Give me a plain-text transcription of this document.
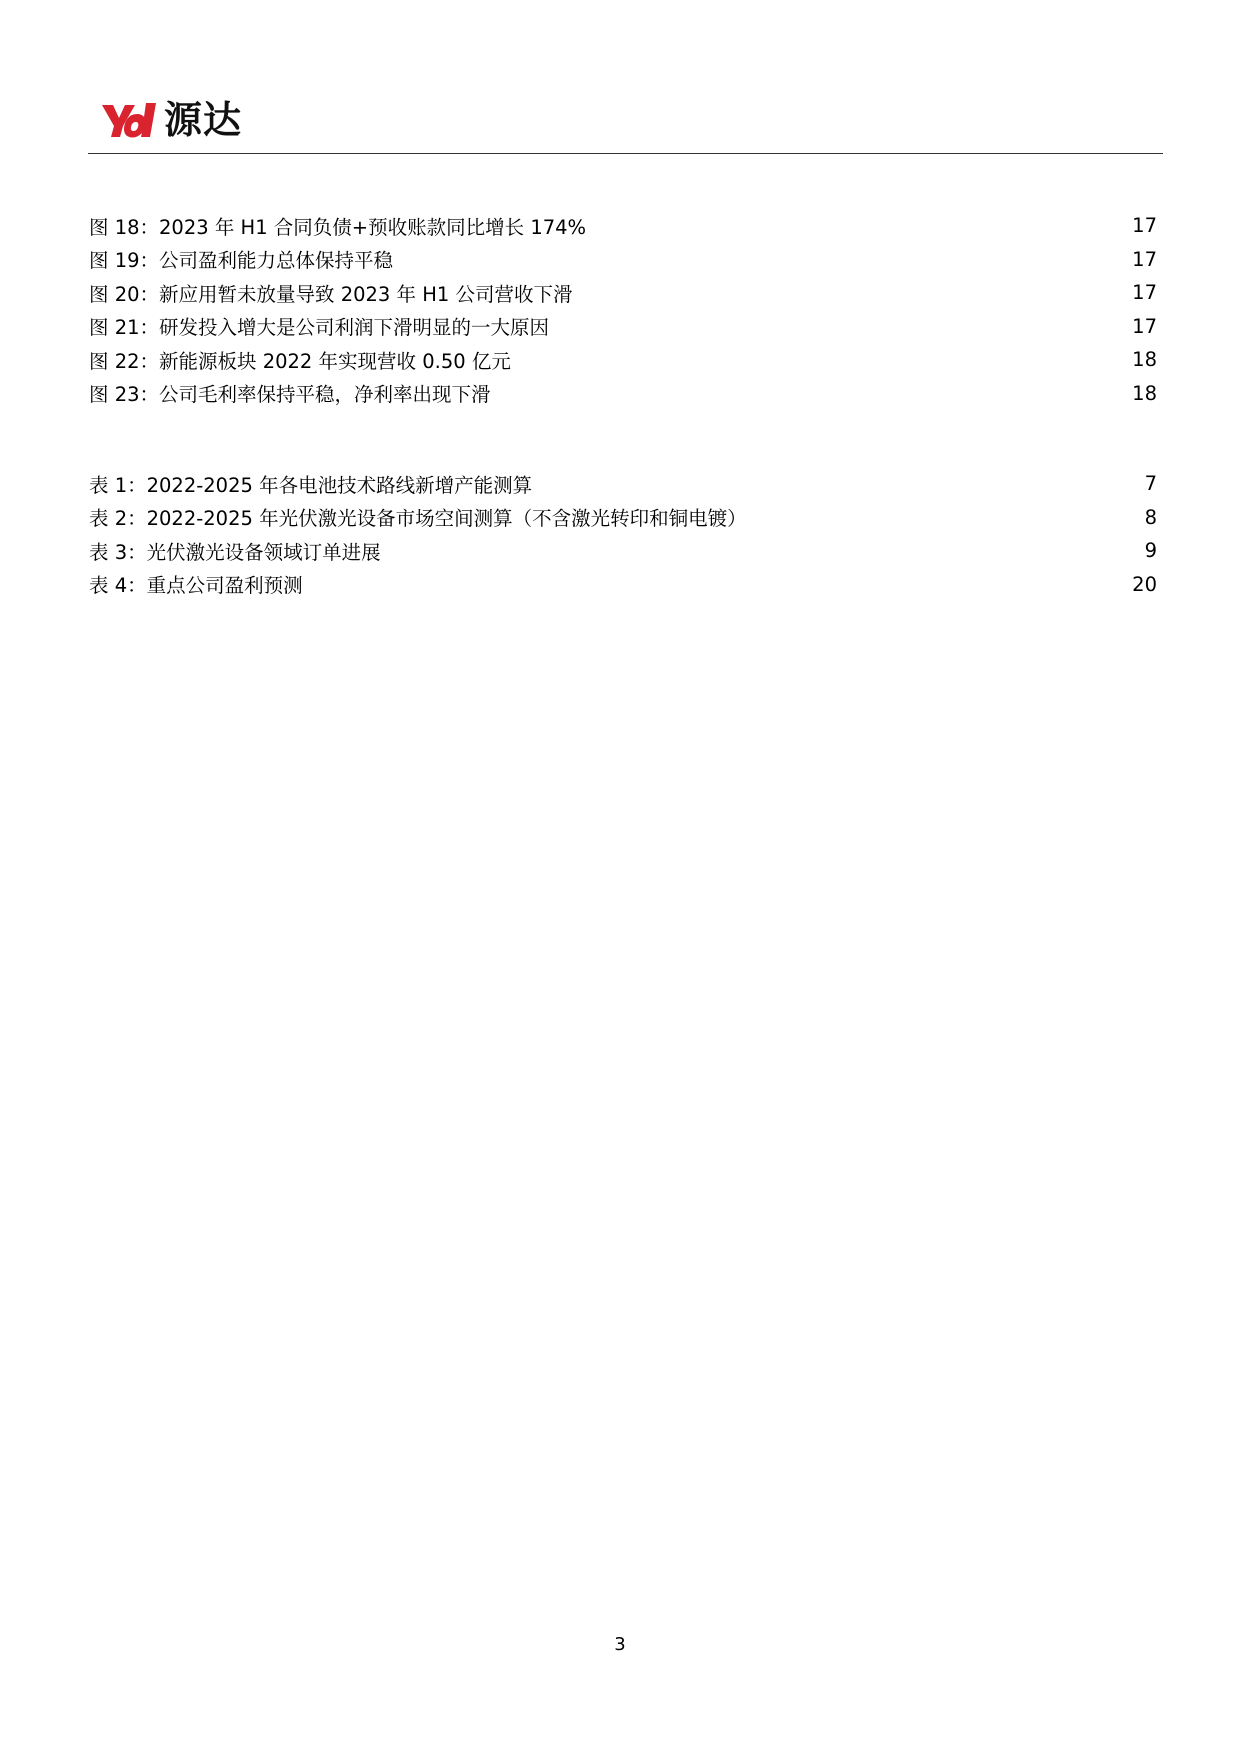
源达
图 18：2023 年 H1 合同负债+预收账款同比增长 174%	17
图 19：公司盈利能力总体保持平稳	17
图 20：新应用暂未放量导致 2023 年 H1 公司营收下滑	17
图 21：研发投入增大是公司利润下滑明显的一大原因	17
图 22：新能源板块 2022 年实现营收 0.50 亿元	18
图 23：公司毛利率保持平稳，净利率出现下滑	18
表 1：2022-2025 年各电池技术路线新增产能测算	7
表 2：2022-2025 年光伏激光设备市场空间测算（不含激光转印和铜电镀）	8
表 3：光伏激光设备领域订单进展	9
表 4：重点公司盈利预测	20
3
